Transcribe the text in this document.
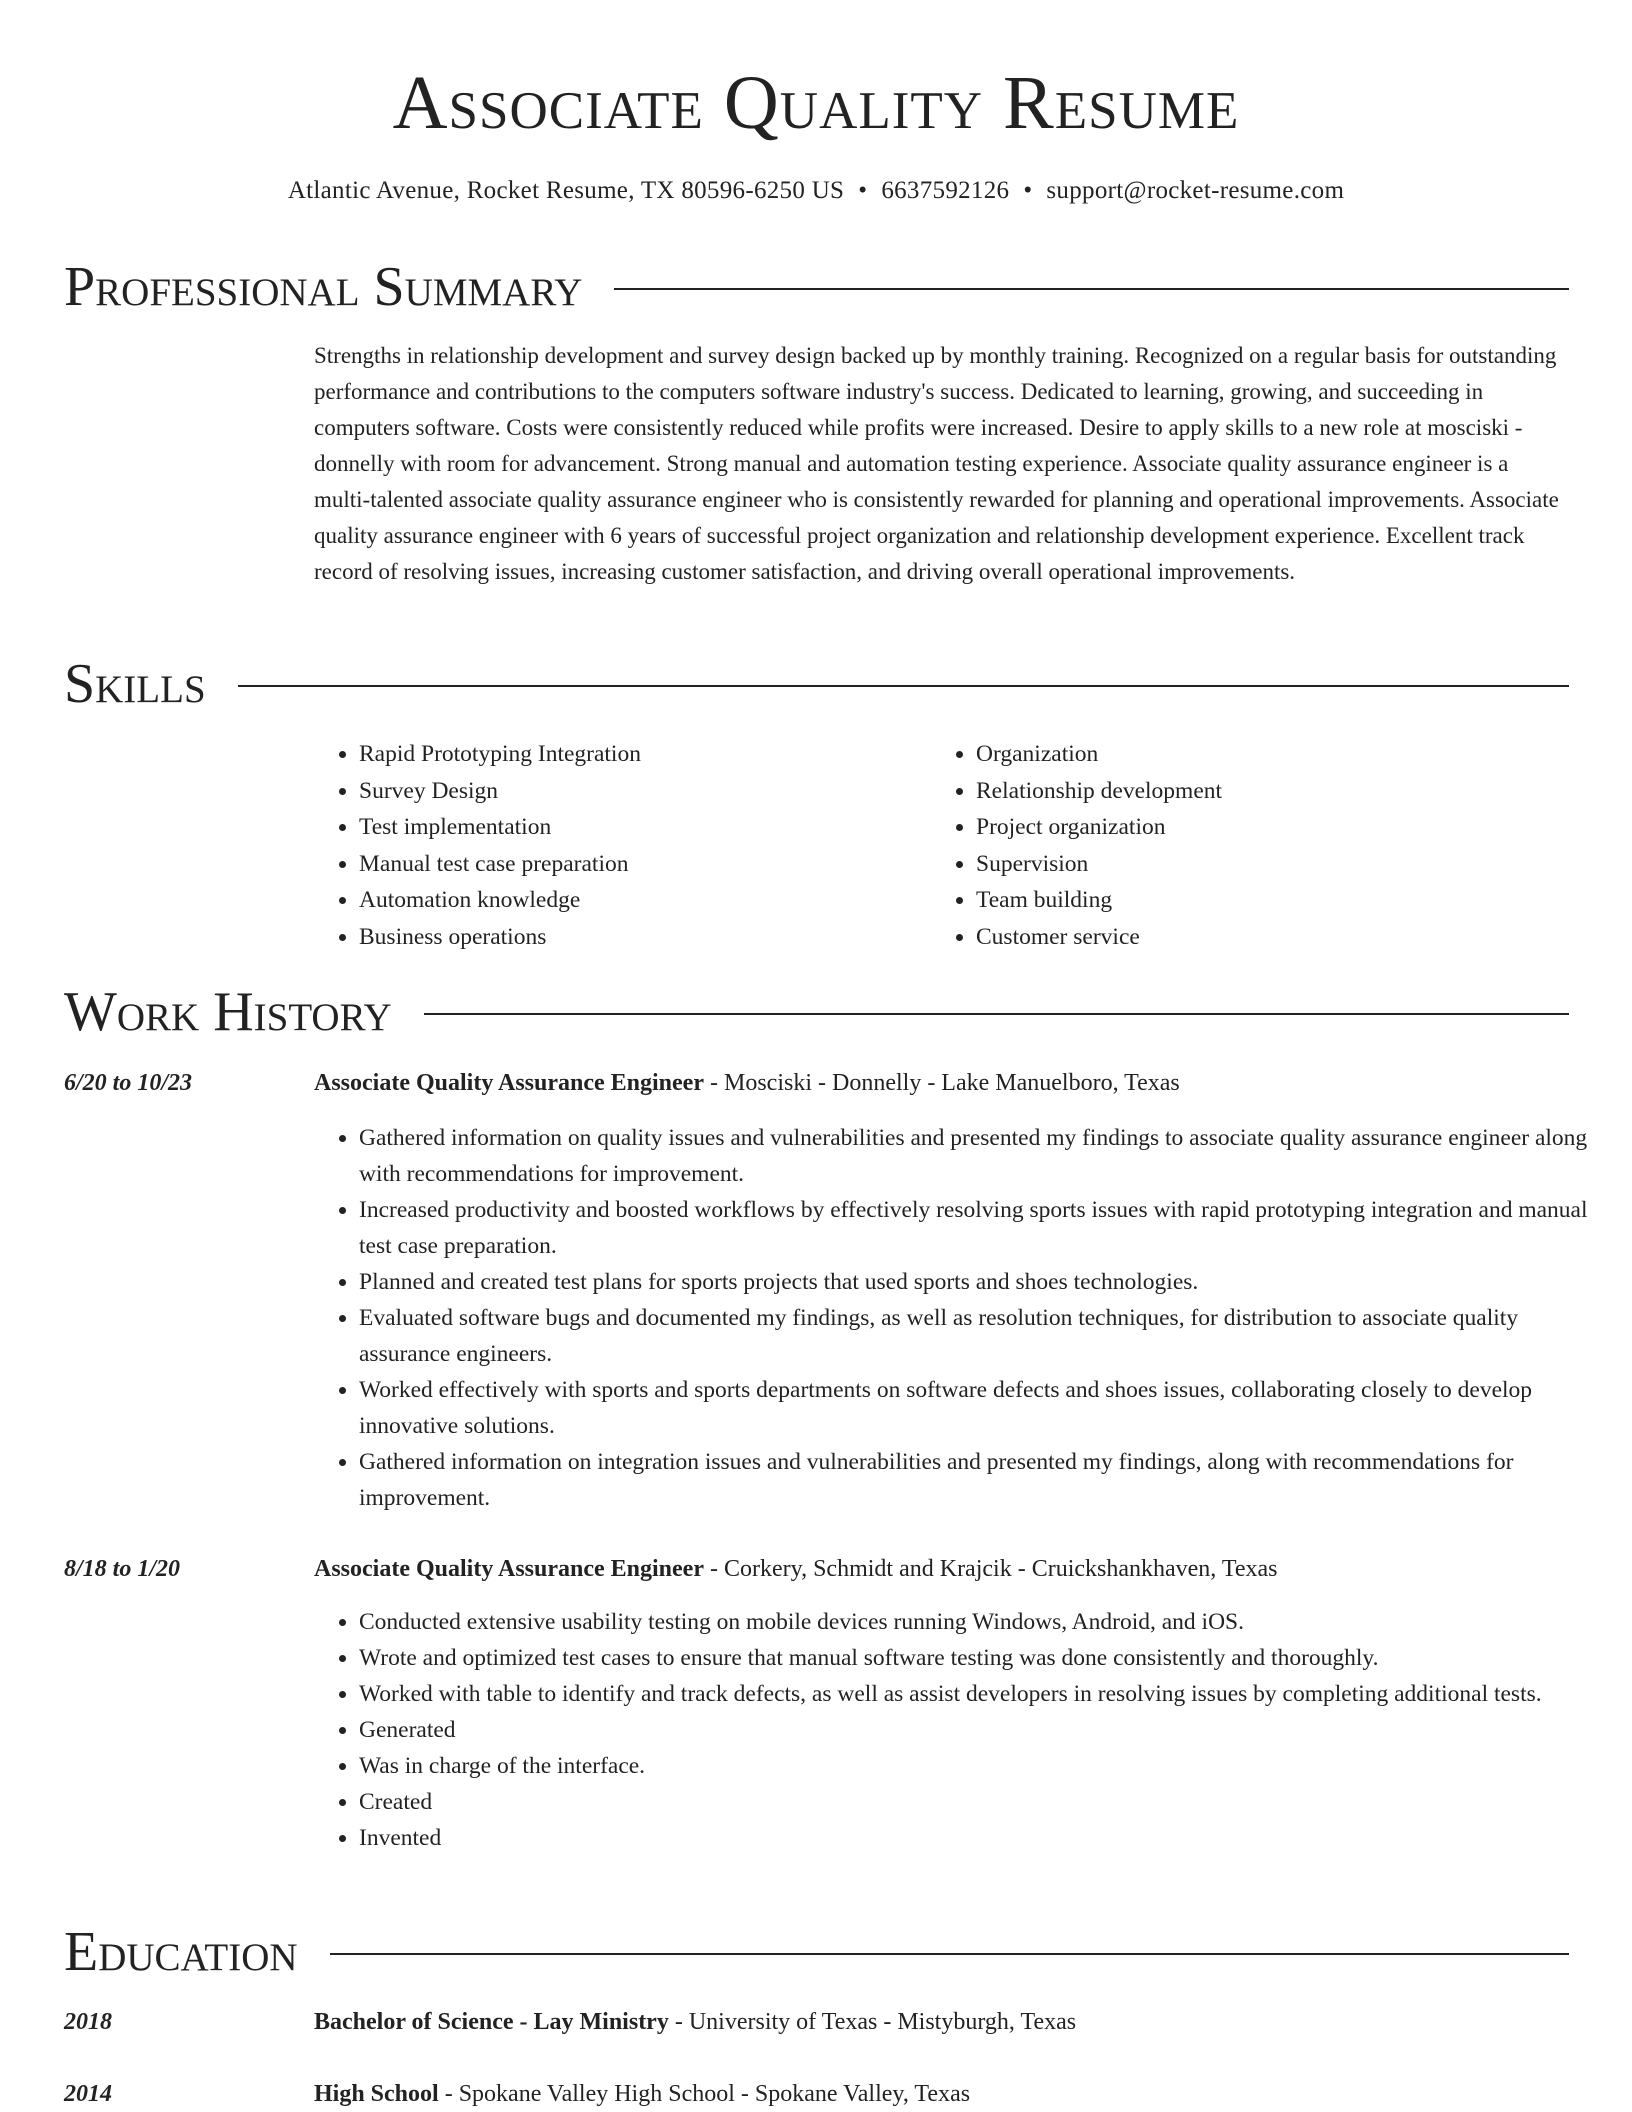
Associate Quality Resume
Atlantic Avenue, Rocket Resume, TX 80596-6250 US • 6637592126 • support@rocket-resume.com
Professional Summary

Strengths in relationship development and survey design backed up by monthly training. Recognized on a regular basis for outstanding performance and contributions to the computers software industry's success. Dedicated to learning, growing, and succeeding in computers software. Costs were consistently reduced while profits were increased. Desire to apply skills to a new role at mosciski - donnelly with room for advancement. Strong manual and automation testing experience. Associate quality assurance engineer is a multi-talented associate quality assurance engineer who is consistently rewarded for planning and operational improvements. Associate quality assurance engineer with 6 years of successful project organization and relationship development experience. Excellent track record of resolving issues, increasing customer satisfaction, and driving overall operational improvements.

Skills
• Rapid Prototyping Integration
• Survey Design
• Test implementation
• Manual test case preparation
• Automation knowledge
• Business operations
• Organization
• Relationship development
• Project organization
• Supervision
• Team building
• Customer service
Work History
6/20 to 10/23	Associate Quality Assurance Engineer - Mosciski - Donnelly - Lake Manuelboro, Texas
• Gathered information on quality issues and vulnerabilities and presented my findings to associate quality assurance engineer along with recommendations for improvement.
• Increased productivity and boosted workflows by effectively resolving sports issues with rapid prototyping integration and manual test case preparation.
• Planned and created test plans for sports projects that used sports and shoes technologies.
• Evaluated software bugs and documented my findings, as well as resolution techniques, for distribution to associate quality assurance engineers.
• Worked effectively with sports and sports departments on software defects and shoes issues, collaborating closely to develop innovative solutions.
• Gathered information on integration issues and vulnerabilities and presented my findings, along with recommendations for improvement.
8/18 to 1/20	Associate Quality Assurance Engineer - Corkery, Schmidt and Krajcik - Cruickshankhaven, Texas
• Conducted extensive usability testing on mobile devices running Windows, Android, and iOS.
• Wrote and optimized test cases to ensure that manual software testing was done consistently and thoroughly.
• Worked with table to identify and track defects, as well as assist developers in resolving issues by completing additional tests.
• Generated
• Was in charge of the interface.
• Created
• Invented
Education
2018	Bachelor of Science - Lay Ministry - University of Texas - Mistyburgh, Texas
2014	High School - Spokane Valley High School - Spokane Valley, Texas
